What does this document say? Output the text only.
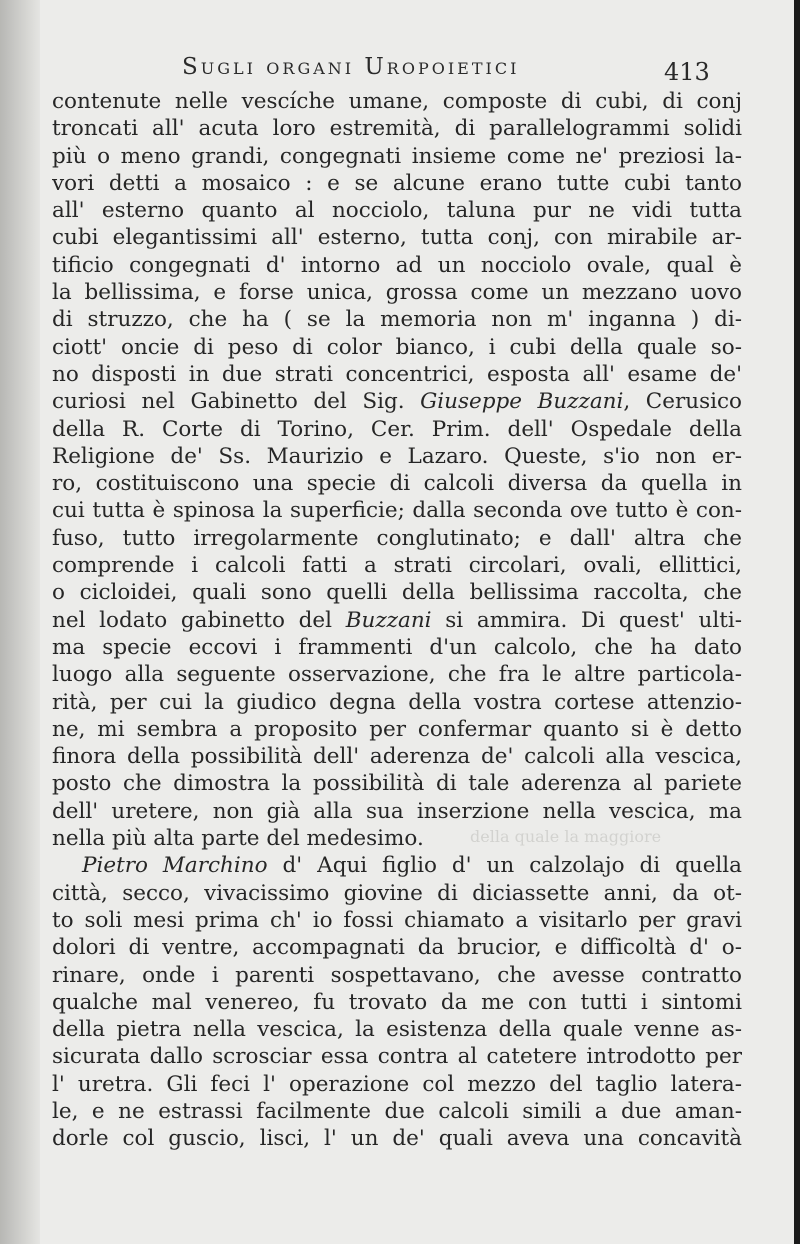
Sugli organi Uropoietici	413
della quale la maggiore
contenute nelle vescíche umane, composte di cubi, di conj
troncati all' acuta loro estremità, di parallelogrammi solidi
più o meno grandi, congegnati insieme come ne' preziosi la-
vori detti a mosaico : e se alcune erano tutte cubi tanto
all' esterno quanto al nocciolo, taluna pur ne vidi tutta
cubi elegantissimi all' esterno, tutta conj, con mirabile ar-
tificio congegnati d' intorno ad un nocciolo ovale, qual è
la bellissima, e forse unica, grossa come un mezzano uovo
di struzzo, che ha ( se la memoria non m' inganna ) di-
ciott' oncie di peso di color bianco, i cubi della quale so-
no disposti in due strati concentrici, esposta all' esame de'
curiosi nel Gabinetto del Sig. Giuseppe Buzzani, Cerusico
della R. Corte di Torino, Cer. Prim. dell' Ospedale della
Religione de' Ss. Maurizio e Lazaro. Queste, s'io non er-
ro, costituiscono una specie di calcoli diversa da quella in
cui tutta è spinosa la superficie; dalla seconda ove tutto è con-
fuso, tutto irregolarmente conglutinato; e dall' altra che
comprende i calcoli fatti a strati circolari, ovali, ellittici,
o cicloidei, quali sono quelli della bellissima raccolta, che
nel lodato gabinetto del Buzzani si ammira. Di quest' ulti-
ma specie eccovi i frammenti d'un calcolo, che ha dato
luogo alla seguente osservazione, che fra le altre particola-
rità, per cui la giudico degna della vostra cortese attenzio-
ne, mi sembra a proposito per confermar quanto si è detto
finora della possibilità dell' aderenza de' calcoli alla vescica,
posto che dimostra la possibilità di tale aderenza al pariete
dell' uretere, non già alla sua inserzione nella vescica, ma
nella più alta parte del medesimo.
Pietro Marchino d' Aqui figlio d' un calzolajo di quella
città, secco, vivacissimo giovine di diciassette anni, da ot-
to soli mesi prima ch' io fossi chiamato a visitarlo per gravi
dolori di ventre, accompagnati da brucior, e difficoltà d' o-
rinare, onde i parenti sospettavano, che avesse contratto
qualche mal venereo, fu trovato da me con tutti i sintomi
della pietra nella vescica, la esistenza della quale venne as-
sicurata dallo scrosciar essa contra al catetere introdotto per
l' uretra. Gli feci l' operazione col mezzo del taglio latera-
le, e ne estrassi facilmente due calcoli simili a due aman-
dorle col guscio, lisci, l' un de' quali aveva una concavità
